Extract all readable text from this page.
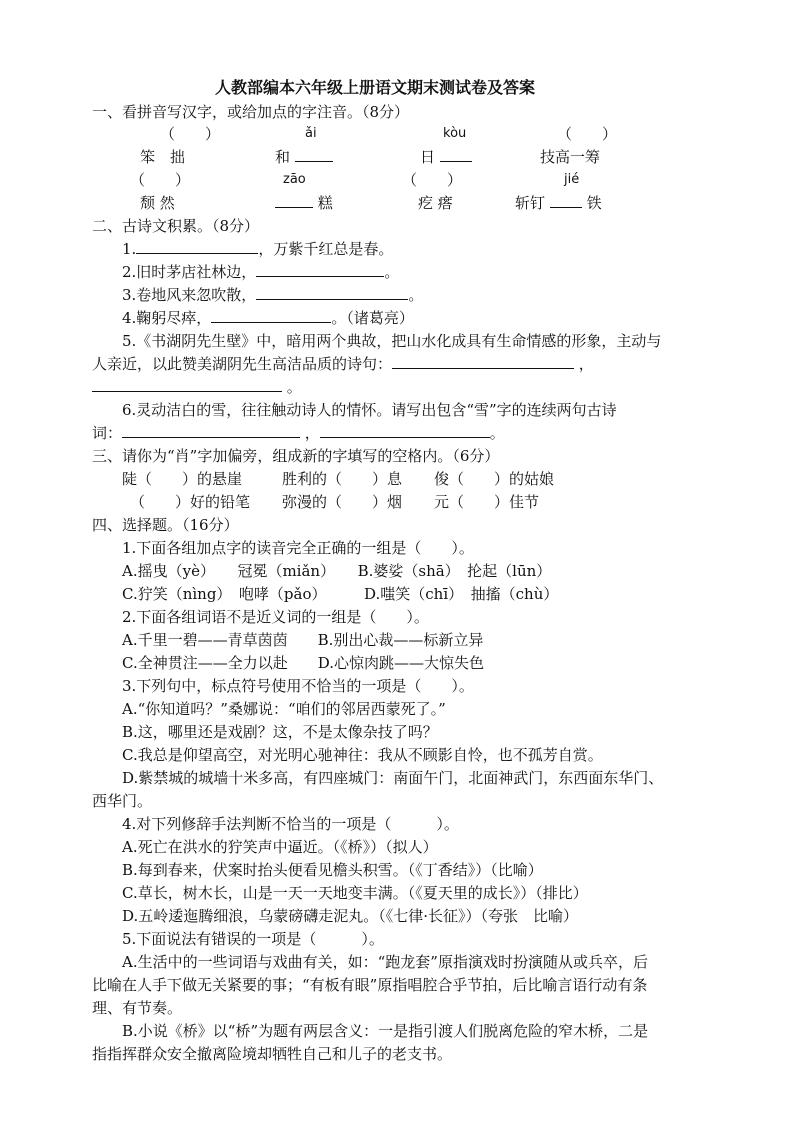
人教部编本六年级上册语文期末测试卷及答案
一、看拼音写汉字，或给加点的字注音。（8分）
（　　）	ǎi	kòu	（　　）
笨　拙	和	日	技高一筹
（　　）	zāo	（　　）	jié
颓 然	糕	疙 瘩	斩钉	铁
二、古诗文积累。（8分）
1.	，万紫千红总是春。
2.旧时茅店社林边，	。
3.卷地风来忽吹散，	。
4.鞠躬尽瘁，	。（诸葛亮）
5.《书湖阴先生壁》中，暗用两个典故，把山水化成具有生命情感的形象，主动与
人亲近，以此赞美湖阴先生高洁品质的诗句：	，
。
6.灵动洁白的雪，往往触动诗人的情怀。请写出包含“雪”字的连续两句古诗
词：	，	。
三、请你为“肖”字加偏旁，组成新的字填写的空格内。（6分）
陡（　　）的悬崖	胜利的（　　）息 俊（　　）的姑娘
（　　）好的铅笔 弥漫的（　　）烟 元（　　）佳节
四、选择题。（16分）
1.下面各组加点字的读音完全正确的一组是（　　）。
A.摇曳（yè）　　冠冕（miǎn）　　B.婆娑（shā）　抡起（lūn）
C.狞笑（nìng）　咆哮（pǎo）　　　D.嗤笑（chī）　抽搐（chù）
2.下面各组词语不是近义词的一组是（　　）。
A.千里一碧——青草茵茵　　B.别出心裁——标新立异
C.全神贯注——全力以赴　　D.心惊肉跳——大惊失色
3.下列句中，标点符号使用不恰当的一项是（　　）。
A.“你知道吗？”桑娜说：“咱们的邻居西蒙死了。”
B.这，哪里还是戏剧？这，不是太像杂技了吗？
C.我总是仰望高空，对光明心驰神往：我从不顾影自怜，也不孤芳自赏。
D.紫禁城的城墙十米多高，有四座城门：南面午门，北面神武门，东西面东华门、
西华门。
4.对下列修辞手法判断不恰当的一项是（　　　）。
A.死亡在洪水的狞笑声中逼近。（《桥》）（拟人）
B.每到春来，伏案时抬头便看见檐头积雪。（《丁香结》）（比喻）
C.草长，树木长，山是一天一天地变丰满。（《夏天里的成长》）（排比）
D.五岭逶迤腾细浪，乌蒙磅礴走泥丸。（《七律·长征》）（夸张　比喻）
5.下面说法有错误的一项是（　　　）。
A.生活中的一些词语与戏曲有关，如：“跑龙套”原指演戏时扮演随从或兵卒，后
比喻在人手下做无关紧要的事；“有板有眼”原指唱腔合乎节拍，后比喻言语行动有条
理、有节奏。
B.小说《桥》以“桥”为题有两层含义：一是指引渡人们脱离危险的窄木桥，二是
指指挥群众安全撤离险境却牺牲自己和儿子的老支书。
